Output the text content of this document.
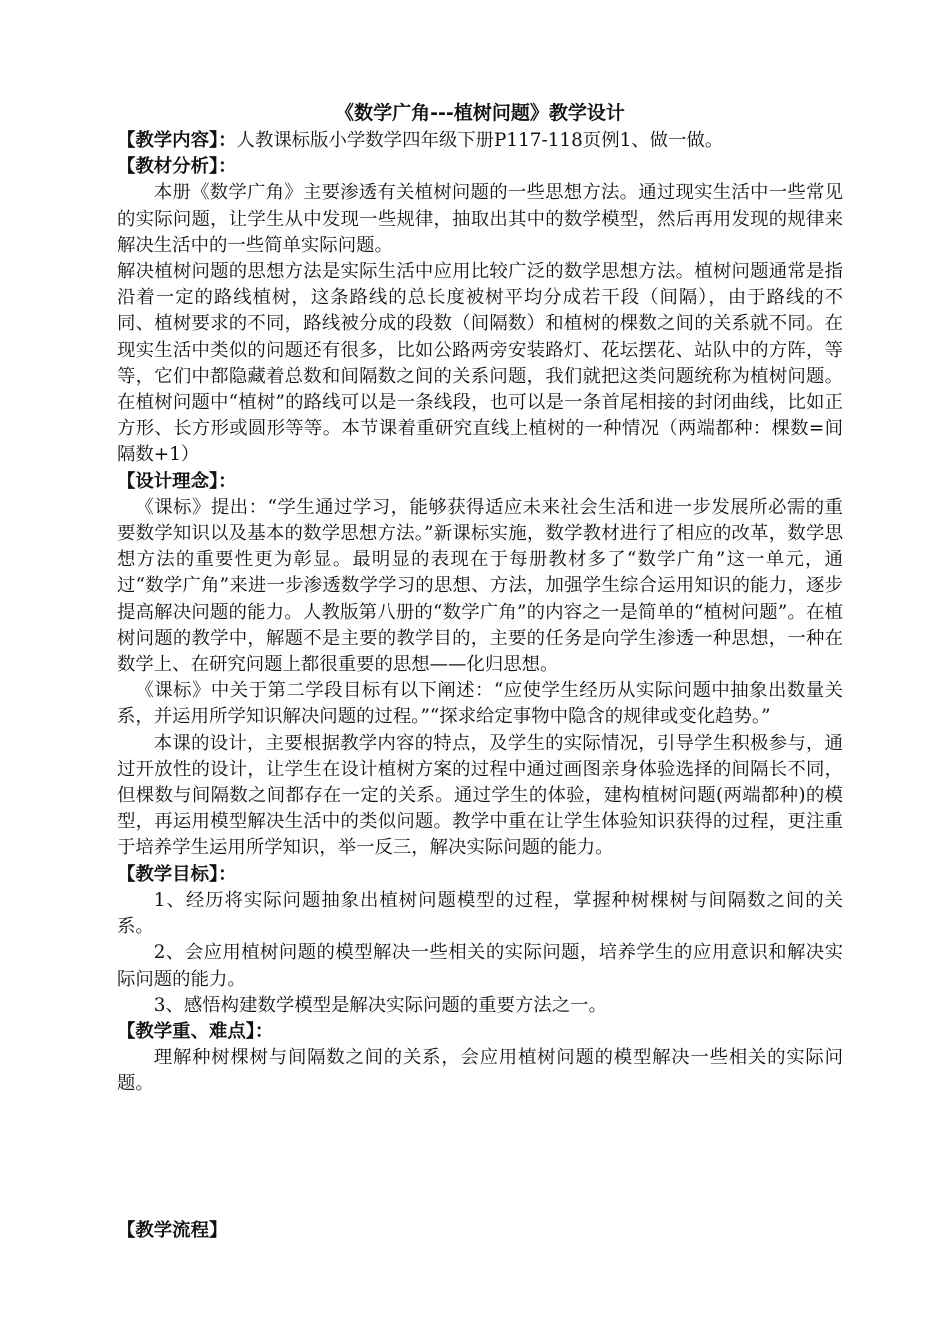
《数学广角---植树问题》教学设计

【教学内容】：人教课标版小学数学四年级下册P117-118页例1、做一做。

【教材分析】：

本册《数学广角》主要渗透有关植树问题的一些思想方法。通过现实生活中一些常见的实际问题，让学生从中发现一些规律，抽取出其中的数学模型，然后再用发现的规律来解决生活中的一些简单实际问题。

解决植树问题的思想方法是实际生活中应用比较广泛的数学思想方法。植树问题通常是指沿着一定的路线植树，这条路线的总长度被树平均分成若干段（间隔），由于路线的不同、植树要求的不同，路线被分成的段数（间隔数）和植树的棵数之间的关系就不同。在现实生活中类似的问题还有很多，比如公路两旁安装路灯、花坛摆花、站队中的方阵，等等，它们中都隐藏着总数和间隔数之间的关系问题，我们就把这类问题统称为植树问题。在植树问题中“植树”的路线可以是一条线段，也可以是一条首尾相接的封闭曲线，比如正方形、长方形或圆形等等。本节课着重研究直线上植树的一种情况（两端都种：棵数=间隔数+1）

【设计理念】：

《课标》提出：“学生通过学习，能够获得适应未来社会生活和进一步发展所必需的重要数学知识以及基本的数学思想方法。”新课标实施，数学教材进行了相应的改革，数学思想方法的重要性更为彰显。最明显的表现在于每册教材多了“数学广角”这一单元，通过“数学广角”来进一步渗透数学学习的思想、方法，加强学生综合运用知识的能力，逐步提高解决问题的能力。人教版第八册的“数学广角”的内容之一是简单的“植树问题”。在植树问题的教学中，解题不是主要的教学目的，主要的任务是向学生渗透一种思想，一种在数学上、在研究问题上都很重要的思想——化归思想。

《课标》中关于第二学段目标有以下阐述：“应使学生经历从实际问题中抽象出数量关系，并运用所学知识解决问题的过程。”“探求给定事物中隐含的规律或变化趋势。”

本课的设计，主要根据教学内容的特点，及学生的实际情况，引导学生积极参与，通过开放性的设计，让学生在设计植树方案的过程中通过画图亲身体验选择的间隔长不同，但棵数与间隔数之间都存在一定的关系。通过学生的体验，建构植树问题(两端都种)的模型，再运用模型解决生活中的类似问题。教学中重在让学生体验知识获得的过程，更注重于培养学生运用所学知识，举一反三，解决实际问题的能力。

【教学目标】：

1、经历将实际问题抽象出植树问题模型的过程，掌握种树棵树与间隔数之间的关系。

2、会应用植树问题的模型解决一些相关的实际问题，培养学生的应用意识和解决实际问题的能力。

3、感悟构建数学模型是解决实际问题的重要方法之一。

【教学重、难点】：

理解种树棵树与间隔数之间的关系，会应用植树问题的模型解决一些相关的实际问题。

【教学流程】
